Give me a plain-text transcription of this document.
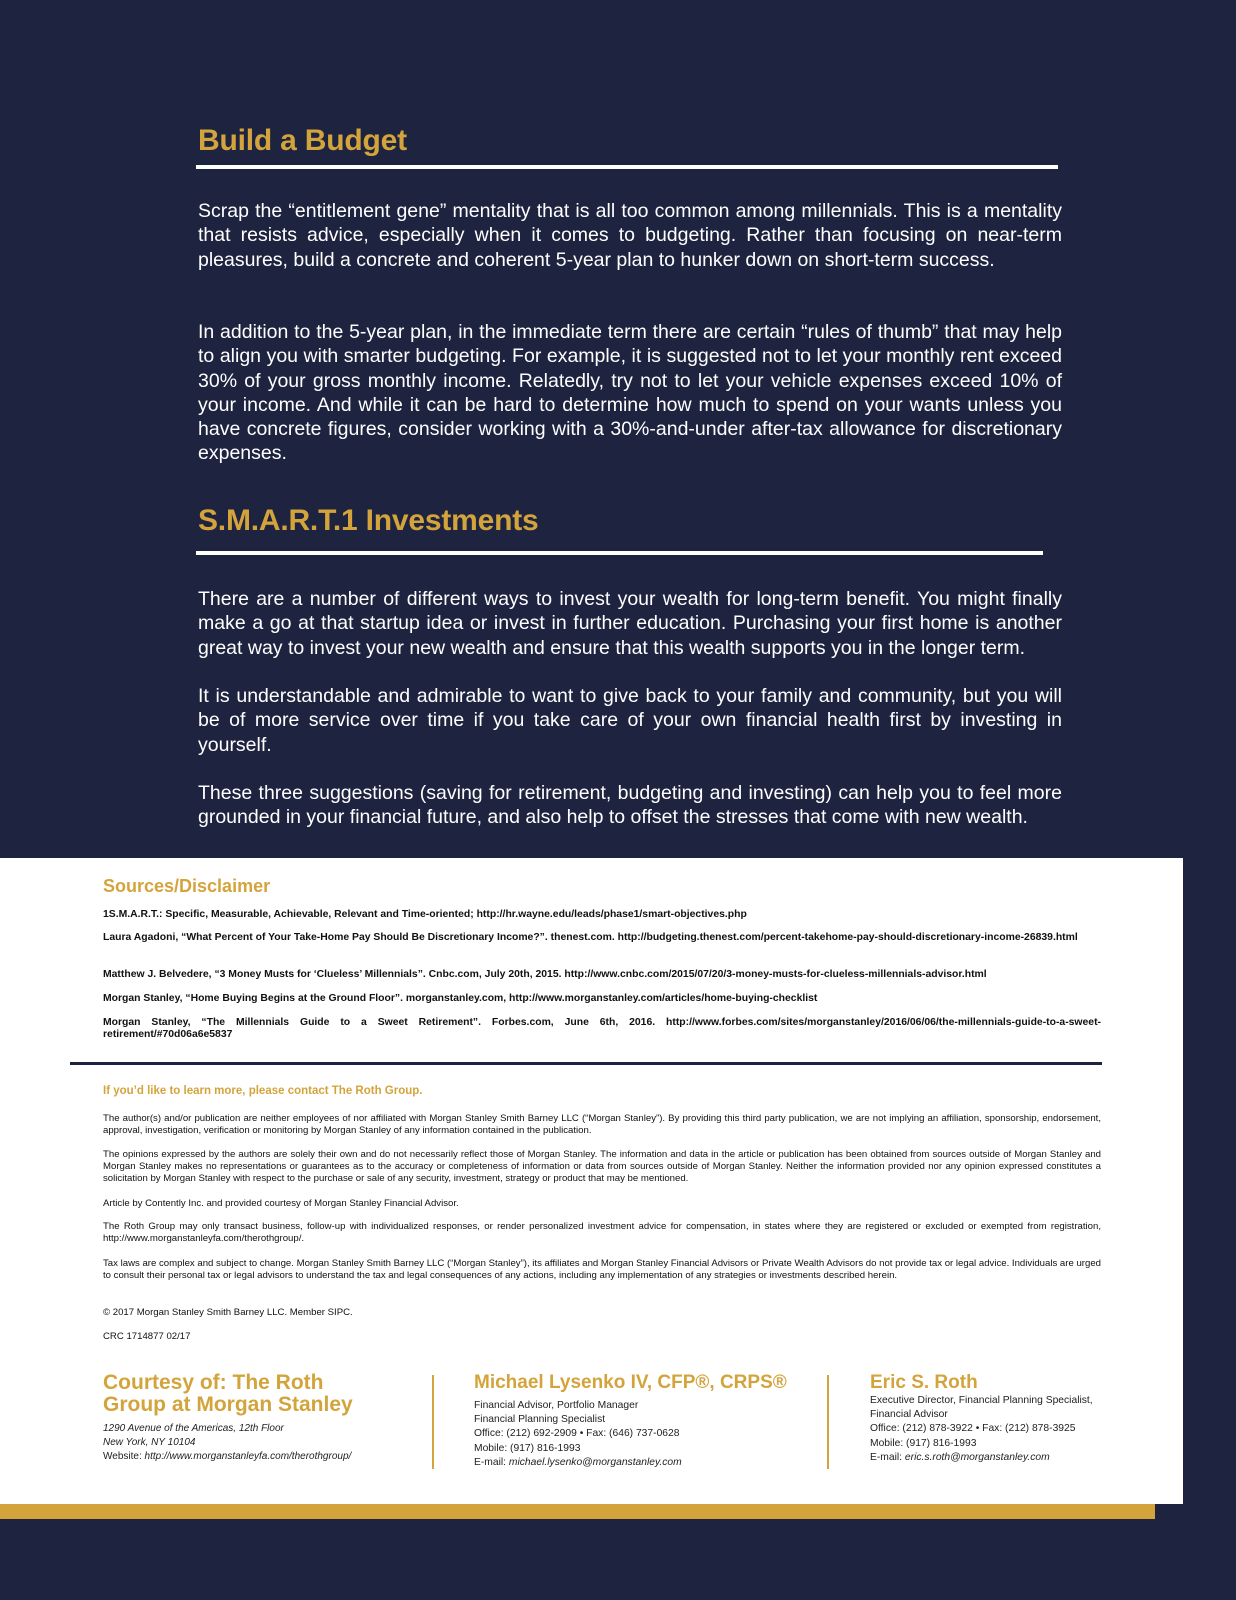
Build a Budget

Scrap the “entitlement gene” mentality that is all too common among millennials. This is a mentality that resists advice, especially when it comes to budgeting. Rather than focusing on near-term pleasures, build a concrete and coherent 5-year plan to hunker down on short-term success.

In addition to the 5-year plan, in the immediate term there are certain “rules of thumb” that may help to align you with smarter budgeting. For example, it is suggested not to let your monthly rent exceed 30% of your gross monthly income. Relatedly, try not to let your vehicle expenses exceed 10% of your income. And while it can be hard to determine how much to spend on your wants unless you have concrete figures, consider working with a 30%-and-under after-tax allowance for discretionary expenses.

S.M.A.R.T.1 Investments

There are a number of different ways to invest your wealth for long-term benefit. You might finally make a go at that startup idea or invest in further education. Purchasing your first home is another great way to invest your new wealth and ensure that this wealth supports you in the longer term.

It is understandable and admirable to want to give back to your family and community, but you will be of more service over time if you take care of your own financial health first by investing in yourself.

These three suggestions (saving for retirement, budgeting and investing) can help you to feel more grounded in your financial future, and also help to offset the stresses that come with new wealth.

Sources/Disclaimer

1S.M.A.R.T.: Specific, Measurable, Achievable, Relevant and Time-oriented; http://hr.wayne.edu/leads/phase1/smart-objectives.php

Laura Agadoni, “What Percent of Your Take-Home Pay Should Be Discretionary Income?”. thenest.com. http://budgeting.thenest.com/percent-takehome-pay-should-discretionary-income-26839.html

Matthew J. Belvedere, “3 Money Musts for ‘Clueless’ Millennials”. Cnbc.com, July 20th, 2015. http://www.cnbc.com/2015/07/20/3-money-musts-for-clueless-millennials-advisor.html

Morgan Stanley, “Home Buying Begins at the Ground Floor”. morganstanley.com, http://www.morganstanley.com/articles/home-buying-checklist

Morgan Stanley, “The Millennials Guide to a Sweet Retirement”. Forbes.com, June 6th, 2016. http://www.forbes.com/sites/morganstanley/2016/06/06/the-millennials-guide-to-a-sweet-retirement/#70d06a6e5837

If you’d like to learn more, please contact The Roth Group.

The author(s) and/or publication are neither employees of nor affiliated with Morgan Stanley Smith Barney LLC (“Morgan Stanley”). By providing this third party publication, we are not implying an affiliation, sponsorship, endorsement, approval, investigation, verification or monitoring by Morgan Stanley of any information contained in the publication.

The opinions expressed by the authors are solely their own and do not necessarily reflect those of Morgan Stanley. The information and data in the article or publication has been obtained from sources outside of Morgan Stanley and Morgan Stanley makes no representations or guarantees as to the accuracy or completeness of information or data from sources outside of Morgan Stanley. Neither the information provided nor any opinion expressed constitutes a solicitation by Morgan Stanley with respect to the purchase or sale of any security, investment, strategy or product that may be mentioned.

Article by Contently Inc. and provided courtesy of Morgan Stanley Financial Advisor.

The Roth Group may only transact business, follow-up with individualized responses, or render personalized investment advice for compensation, in states where they are registered or excluded or exempted from registration, http://www.morganstanleyfa.com/therothgroup/.

Tax laws are complex and subject to change. Morgan Stanley Smith Barney LLC (“Morgan Stanley”), its affiliates and Morgan Stanley Financial Advisors or Private Wealth Advisors do not provide tax or legal advice. Individuals are urged to consult their personal tax or legal advisors to understand the tax and legal consequences of any actions, including any implementation of any strategies or investments described herein.

© 2017 Morgan Stanley Smith Barney LLC. Member SIPC.

CRC 1714877 02/17

Courtesy of: The Roth

Group at Morgan Stanley

1290 Avenue of the Americas, 12th Floor

New York, NY 10104

Website: http://www.morganstanleyfa.com/therothgroup/

Michael Lysenko IV, CFP®, CRPS®

Financial Advisor, Portfolio Manager

Financial Planning Specialist

Office: (212) 692-2909 • Fax: (646) 737-0628

Mobile: (917) 816-1993

E-mail: michael.lysenko@morganstanley.com

Eric S. Roth

Executive Director, Financial Planning Specialist,

Financial Advisor

Office: (212) 878-3922 • Fax: (212) 878-3925

Mobile: (917) 816-1993

E-mail: eric.s.roth@morganstanley.com
